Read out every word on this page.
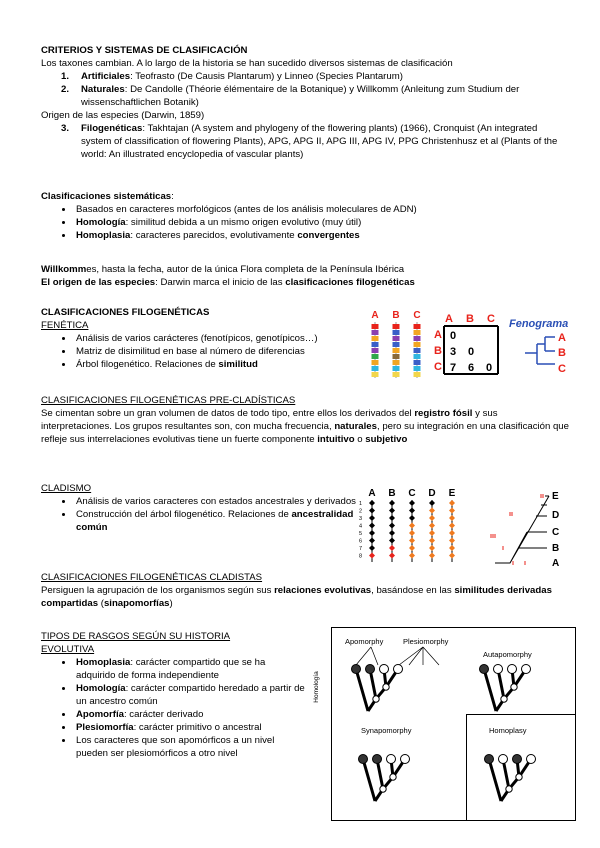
CRITERIOS Y SISTEMAS DE CLASIFICACIÓN

Los taxones cambian. A lo largo de la historia se han sucedido diversos sistemas de clasificación

1. Artificiales: Teofrasto (De Causis Plantarum) y Linneo (Species Plantarum)
2. Naturales: De Candolle (Théorie élémentaire de la Botanique) y Willkomm (Anleitung zum Studium der wissenschaftlichen Botanik)

Origen de las especies (Darwin, 1859)

3. Filogenéticas: Takhtajan (A system and phylogeny of the flowering plants) (1966), Cronquist (An integrated system of classification of flowering Plants), APG, APG II, APG III, APG IV, PPG Christenhusz et al (Plants of the world: An illustrated encyclopedia of vascular plants)

Clasificaciones sistemáticas:

Basados en caracteres morfológicos (antes de los análisis moleculares de ADN)
Homología: similitud debida a un mismo origen evolutivo (muy útil)
Homoplasia: caracteres parecidos, evolutivamente convergentes

Willkommes, hasta la fecha, autor de la única Flora completa de la Península Ibérica

El origen de las especies: Darwin marca el inicio de las clasificaciones filogenéticas

CLASIFICACIONES FILOGENÉTICAS

FENÉTICA

Análisis de varios carácteres (fenotípicos, genotípicos…)
Matriz de disimilitud en base al número de diferencias
Árbol filogenético. Relaciones de similitud
A B C A B C
A
B
C
0
3 0
7 6 0
Fenograma
A
B
C

CLASIFICACIONES FILOGENÉTICAS PRE-CLADÍSTICAS

Se cimentan sobre un gran volumen de datos de todo tipo, entre ellos los derivados del registro fósil y sus interpretaciones. Los grupos resultantes son, con mucha frecuencia, naturales, pero su integración en una clasificación que refleje sus interrelaciones evolutivas tiene un fuerte componente intuitivo o subjetivo

CLADISMO

Análisis de varios caracteres con estados ancestrales y derivados
Construcción del árbol filogenético. Relaciones de ancestralidad común
A B C D E
1
2
3
4
5
6
7
8
E
D
C
B
A

CLASIFICACIONES FILOGENÉTICAS CLADISTAS

Persiguen la agrupación de los organismos según sus relaciones evolutivas, basándose en las similitudes derivadas compartidas (sinapomorfías)

TIPOS DE RASGOS SEGÚN SU HISTORIA

EVOLUTIVA

Homoplasia: carácter compartido que se ha adquirido de forma independiente
Homología: carácter compartido heredado a partir de un ancestro común
Apomorfía: carácter derivado
Plesiomorfía: carácter primitivo o ancestral
Los caracteres que son apomórficos a un nivel pueden ser plesiomórficos a otro nivel
Homología
Apomorphy	Plesiomorphy
Autapomorphy
Synapomorphy	Homoplasy
